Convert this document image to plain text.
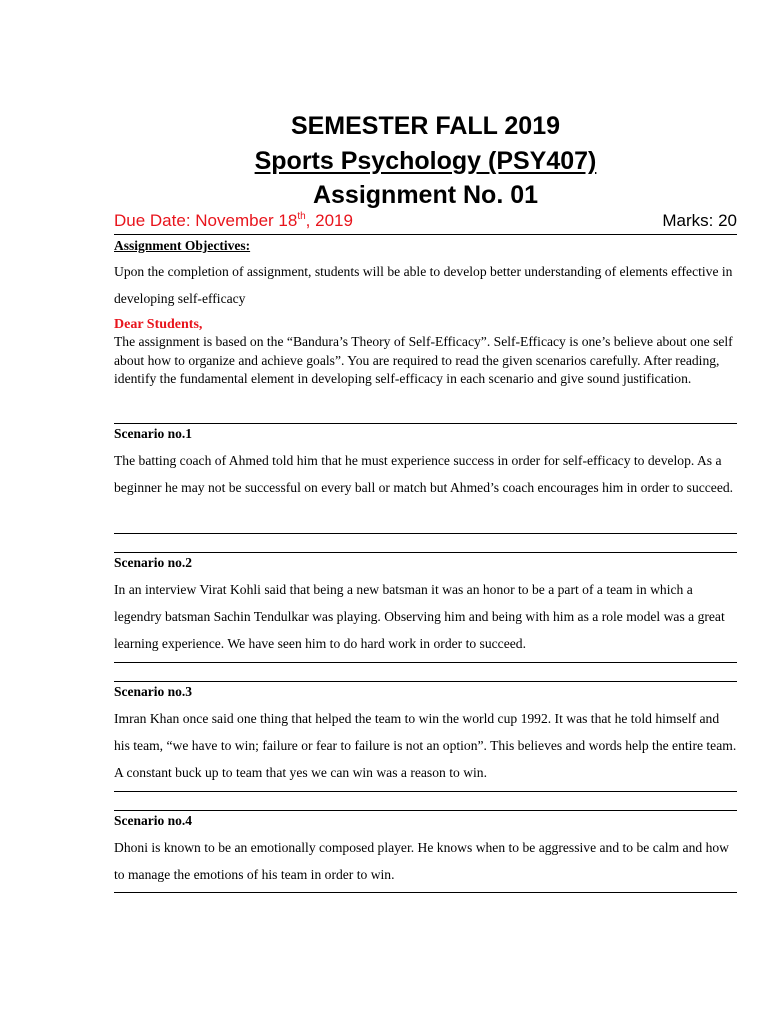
SEMESTER FALL 2019
Sports Psychology (PSY407)
Assignment No. 01
Due Date: November 18th, 2019	Marks: 20
Assignment Objectives:
Upon the completion of assignment, students will be able to develop better understanding of elements effective in developing self-efficacy
Dear Students,
The assignment is based on the “Bandura’s Theory of Self-Efficacy”. Self-Efficacy is one’s believe about one self about how to organize and achieve goals”. You are required to read the given scenarios carefully. After reading, identify the fundamental element in developing self-efficacy in each scenario and give sound justification.
Scenario no.1
The batting coach of Ahmed told him that he must experience success in order for self-efficacy to develop. As a beginner he may not be successful on every ball or match but Ahmed’s coach encourages him in order to succeed.
Scenario no.2
In an interview Virat Kohli said that being a new batsman it was an honor to be a part of a team in which a legendry batsman Sachin Tendulkar was playing. Observing him and being with him as a role model was a great learning experience. We have seen him to do hard work in order to succeed.
Scenario no.3
Imran Khan once said one thing that helped the team to win the world cup 1992. It was that he told himself and his team, “we have to win; failure or fear to failure is not an option”. This believes and words help the entire team. A constant buck up to team that yes we can win was a reason to win.
Scenario no.4
Dhoni is known to be an emotionally composed player. He knows when to be aggressive and to be calm and how to manage the emotions of his team in order to win.
